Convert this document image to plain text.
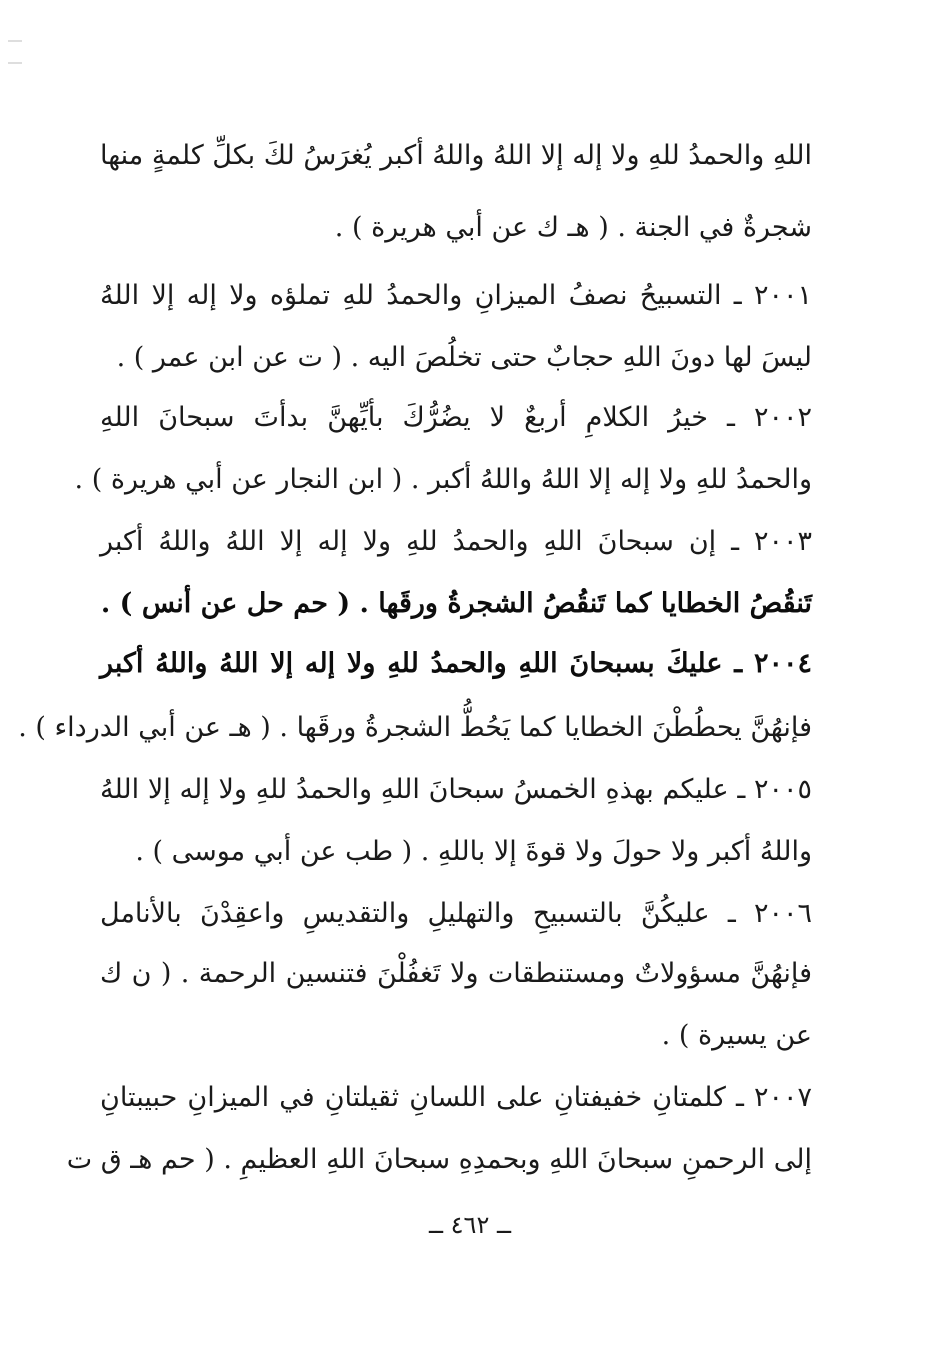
اللهِ والحمدُ للهِ ولا إله إلا اللهُ واللهُ أكبر يُغرَسُ لكَ بكلِّ كلمةٍ منها
شجرةٌ في الجنة . ( هـ ك عن أبي هريرة ) .
٢٠٠١ ـ التسبيحُ نصفُ الميزانِ والحمدُ للهِ تملؤه ولا إله إلا اللهُ
ليسَ لها دونَ اللهِ حجابٌ حتى تخلُصَ اليه . ( ت عن ابن عمر ) .
٢٠٠٢ ـ خيرُ الكلامِ أربعٌ لا يضُرُّكَ بأيِّهنَّ بدأتَ سبحانَ اللهِ
والحمدُ للهِ ولا إله إلا اللهُ واللهُ أكبر . ( ابن النجار عن أبي هريرة ) .
٢٠٠٣ ـ إن سبحانَ اللهِ والحمدُ للهِ ولا إله إلا اللهُ واللهُ أكبر
تَنقُصُ الخطايا كما تَنقُصُ الشجرةُ ورقَها . ( حم حل عن أنس ) .
٢٠٠٤ ـ عليكَ بسبحانَ اللهِ والحمدُ للهِ ولا إله إلا اللهُ واللهُ أكبر
فإنهُنَّ يحطُطْنَ الخطايا كما يَحُطُّ الشجرةُ ورقَها . ( هـ عن أبي الدرداء ) .
٢٠٠٥ ـ عليكم بهذهِ الخمسُ سبحانَ اللهِ والحمدُ للهِ ولا إله إلا اللهُ
واللهُ أكبر ولا حولَ ولا قوةَ إلا باللهِ . ( طب عن أبي موسى ) .
٢٠٠٦ ـ عليكُنَّ بالتسبيحِ والتهليلِ والتقديسِ واعقِدْنَ بالأنامل
فإنهُنَّ مسؤولاتٌ ومستنطقات ولا تَغفُلْنَ فتنسين الرحمة . ( ن ك
عن يسيرة ) .
٢٠٠٧ ـ كلمتانِ خفيفتانِ على اللسانِ ثقيلتانِ في الميزانِ حبيبتانِ
إلى الرحمنِ سبحانَ اللهِ وبحمدِهِ سبحانَ اللهِ العظيمِ . ( حم هـ ق ت
ــ ٤٦٢ ــ
